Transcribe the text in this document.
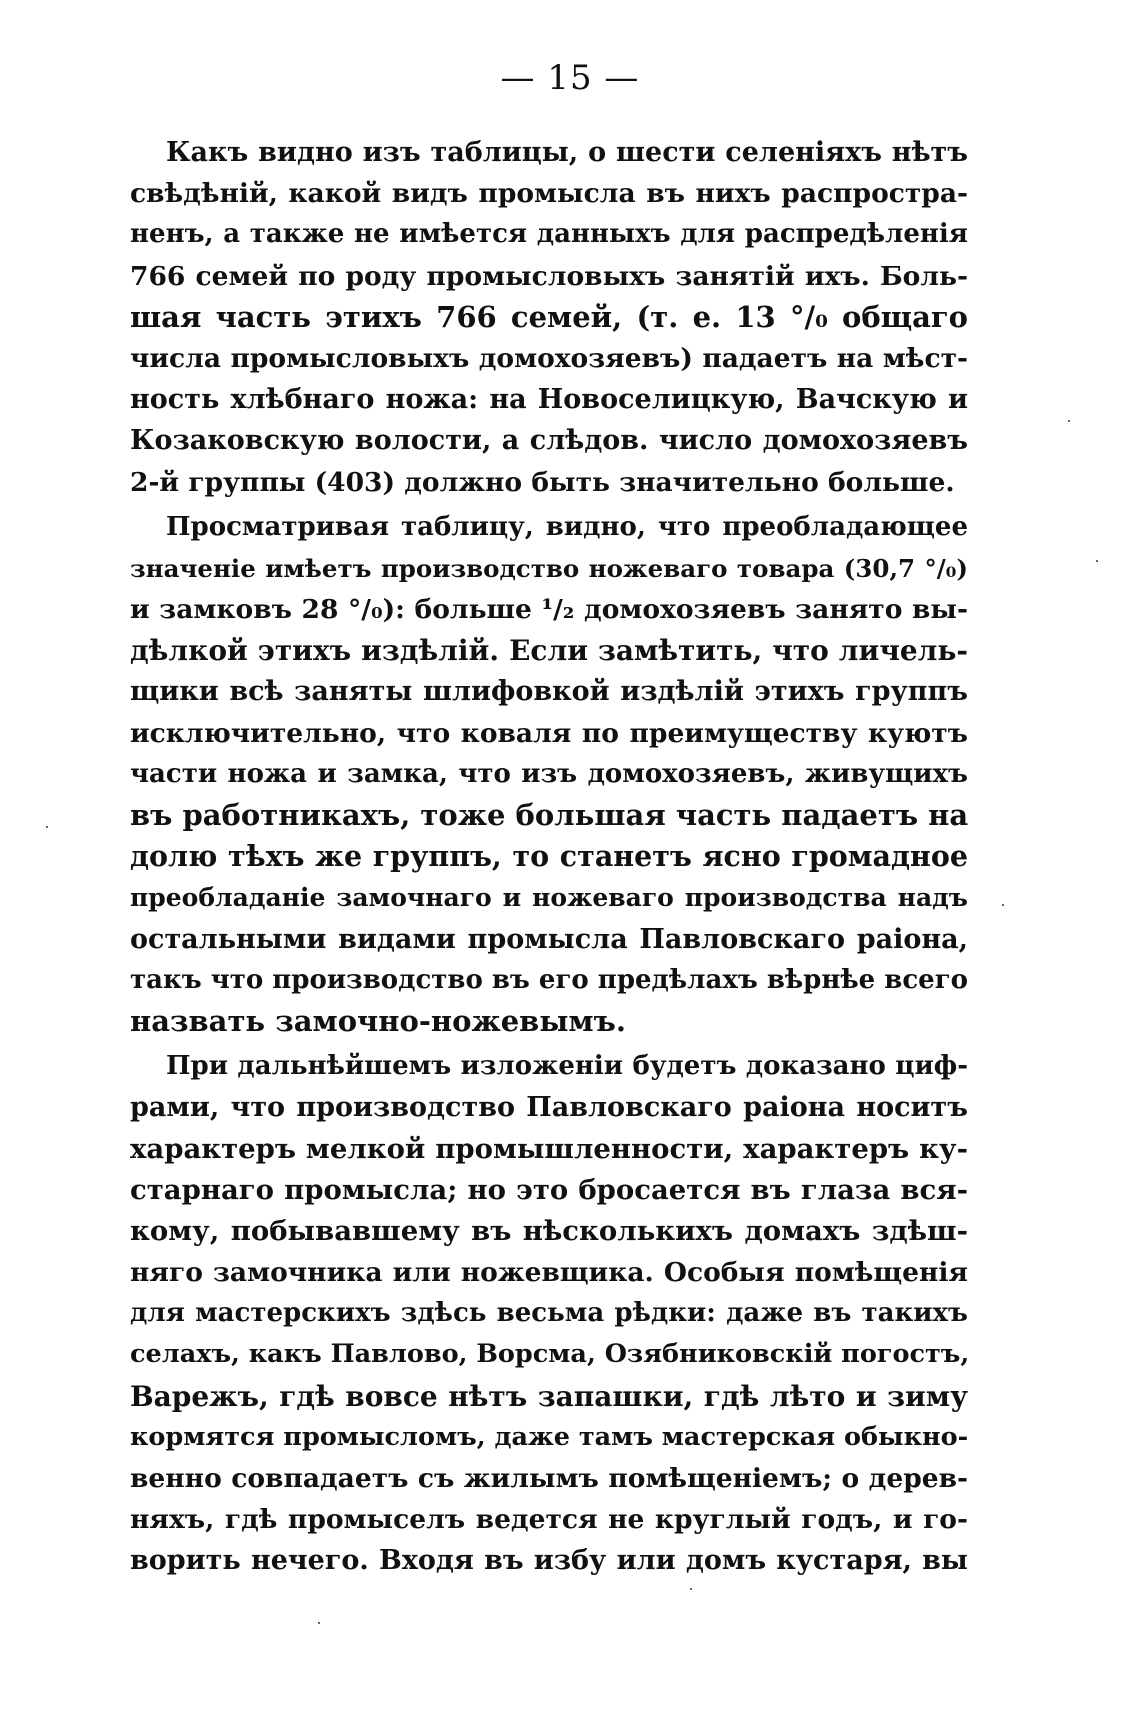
— 15 —
Какъ видно изъ таблицы, о шести селеніяхъ нѣтъ
свѣдѣній, какой видъ промысла въ нихъ распростра-
ненъ, а также не имѣется данныхъ для распредѣленія
766 семей по роду промысловыхъ занятій ихъ. Боль-
шая часть этихъ 766 семей, (т. е. 13 °/₀ общаго
числа промысловыхъ домохозяевъ) падаетъ на мѣст-
ность хлѣбнаго ножа: на Новоселицкую, Вачскую и
Козаковскую волости, а слѣдов. число домохозяевъ
2-й группы (403) должно быть значительно больше.
Просматривая таблицу, видно, что преобладающее
значеніе имѣетъ производство ножеваго товара (30,7 °/₀)
и замковъ 28 °/₀): больше ¹/₂ домохозяевъ занято вы-
дѣлкой этихъ издѣлій. Если замѣтить, что личель-
щики всѣ заняты шлифовкой издѣлій этихъ группъ
исключительно, что коваля по преимуществу куютъ
части ножа и замка, что изъ домохозяевъ, живущихъ
въ работникахъ, тоже большая часть падаетъ на
долю тѣхъ же группъ, то станетъ ясно громадное
преобладаніе замочнаго и ножеваго производства надъ
остальными видами промысла Павловскаго раіона,
такъ что производство въ его предѣлахъ вѣрнѣе всего
назвать замочно-ножевымъ.
При дальнѣйшемъ изложеніи будетъ доказано циф-
рами, что производство Павловскаго раіона носитъ
характеръ мелкой промышленности, характеръ ку-
старнаго промысла; но это бросается въ глаза вся-
кому, побывавшему въ нѣсколькихъ домахъ здѣш-
няго замочника или ножевщика. Особыя помѣщенія
для мастерскихъ здѣсь весьма рѣдки: даже въ такихъ
селахъ, какъ Павлово, Ворсма, Озябниковскій погостъ,
Варежъ, гдѣ вовсе нѣтъ запашки, гдѣ лѣто и зиму
кормятся промысломъ, даже тамъ мастерская обыкно-
венно совпадаетъ съ жилымъ помѣщеніемъ; о дерев-
няхъ, гдѣ промыселъ ведется не круглый годъ, и го-
ворить нечего. Входя въ избу или домъ кустаря, вы
